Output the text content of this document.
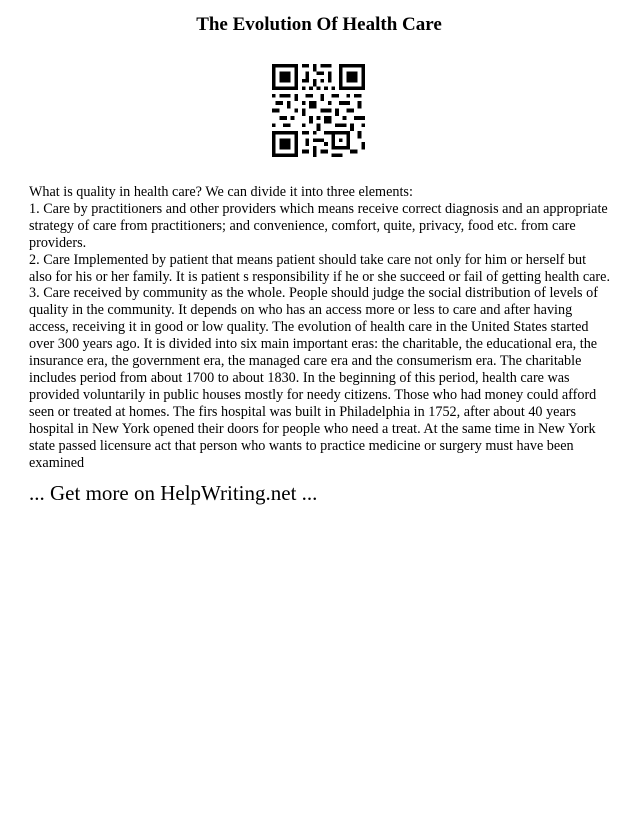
The Evolution Of Health Care

What is quality in health care? We can divide it into three elements:

1. Care by practitioners and other providers which means receive correct diagnosis and an appropriate strategy of care from practitioners; and convenience, comfort, quite, privacy, food etc. from care providers.

2. Care Implemented by patient that means patient should take care not only for him or herself but also for his or her family. It is patient s responsibility if he or she succeed or fail of getting health care.

3. Care received by community as the whole. People should judge the social distribution of levels of quality in the community. It depends on who has an access more or less to care and after having access, receiving it in good or low quality. The evolution of health care in the United States started over 300 years ago. It is divided into six main important eras: the charitable, the educational era, the insurance era, the government era, the managed care era and the consumerism era. The charitable includes period from about 1700 to about 1830. In the beginning of this period, health care was provided voluntarily in public houses mostly for needy citizens. Those who had money could afford seen or treated at homes. The firs hospital was built in Philadelphia in 1752, after about 40 years hospital in New York opened their doors for people who need a treat. At the same time in New York state passed licensure act that person who wants to practice medicine or surgery must have been examined

... Get more on HelpWriting.net ...
